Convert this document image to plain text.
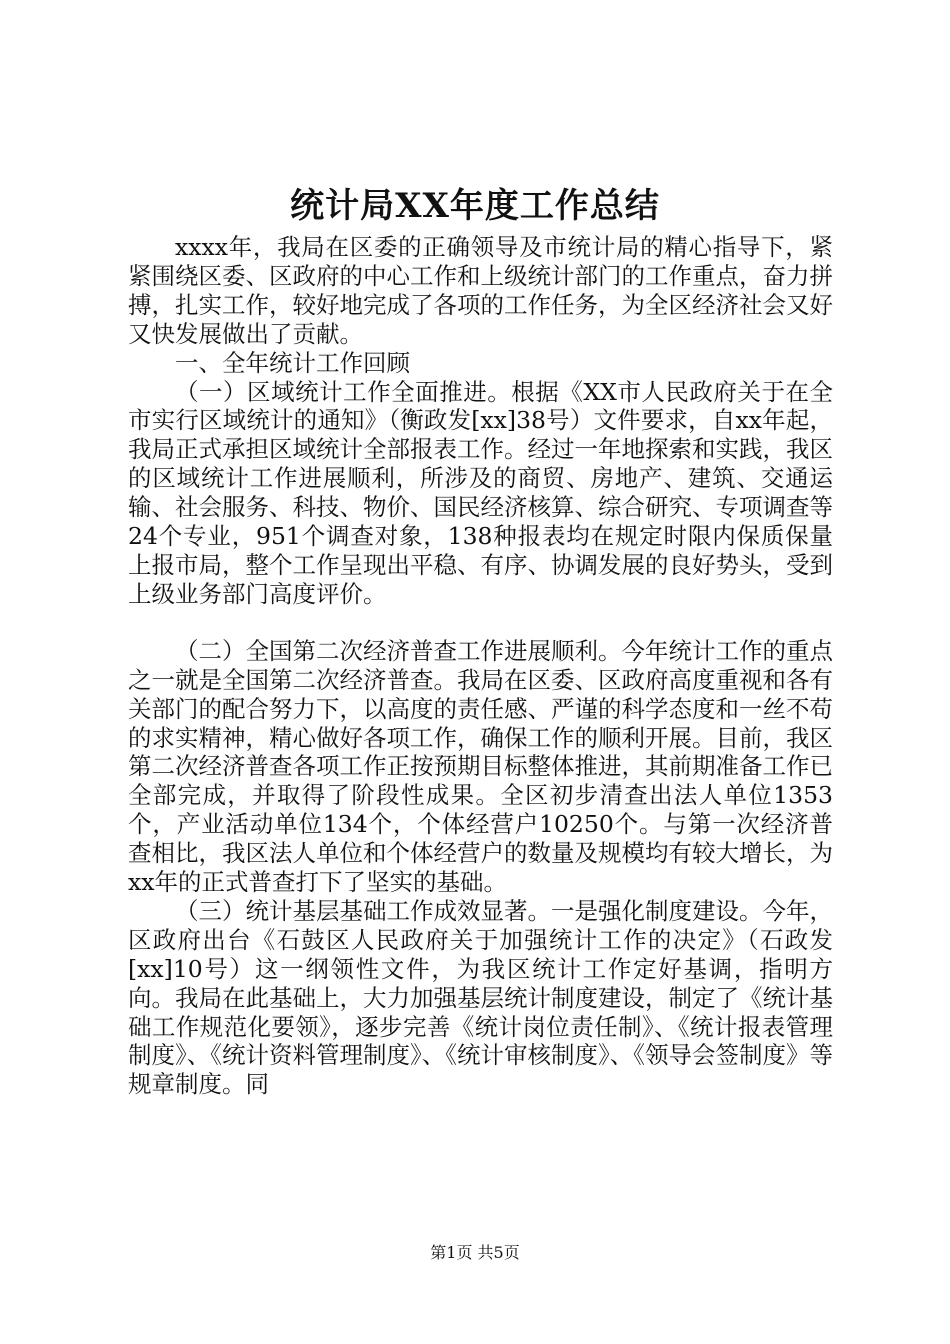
统计局XX年度工作总结

xxxx年，我局在区委的正确领导及市统计局的精心指导下，紧紧围绕区委、区政府的中心工作和上级统计部门的工作重点，奋力拼搏，扎实工作，较好地完成了各项的工作任务，为全区经济社会又好又快发展做出了贡献。

一、全年统计工作回顾

（一）区域统计工作全面推进。根据《XX市人民政府关于在全市实行区域统计的通知》（衡政发[xx]38号）文件要求，自xx年起，我局正式承担区域统计全部报表工作。经过一年地探索和实践，我区的区域统计工作进展顺利，所涉及的商贸、房地产、建筑、交通运输、社会服务、科技、物价、国民经济核算、综合研究、专项调查等24个专业，951个调查对象，138种报表均在规定时限内保质保量上报市局，整个工作呈现出平稳、有序、协调发展的良好势头，受到上级业务部门高度评价。

（二）全国第二次经济普查工作进展顺利。今年统计工作的重点之一就是全国第二次经济普查。我局在区委、区政府高度重视和各有关部门的配合努力下，以高度的责任感、严谨的科学态度和一丝不苟的求实精神，精心做好各项工作，确保工作的顺利开展。目前，我区第二次经济普查各项工作正按预期目标整体推进，其前期准备工作已全部完成，并取得了阶段性成果。全区初步清查出法人单位1353个，产业活动单位134个，个体经营户10250个。与第一次经济普查相比，我区法人单位和个体经营户的数量及规模均有较大增长，为xx年的正式普查打下了坚实的基础。

（三）统计基层基础工作成效显著。一是强化制度建设。今年，区政府出台《石鼓区人民政府关于加强统计工作的决定》（石政发[xx]10号）这一纲领性文件，为我区统计工作定好基调，指明方向。我局在此基础上，大力加强基层统计制度建设，制定了《统计基础工作规范化要领》，逐步完善《统计岗位责任制》、《统计报表管理制度》、《统计资料管理制度》、《统计审核制度》、《领导会签制度》等规章制度。同

第1页 共5页
